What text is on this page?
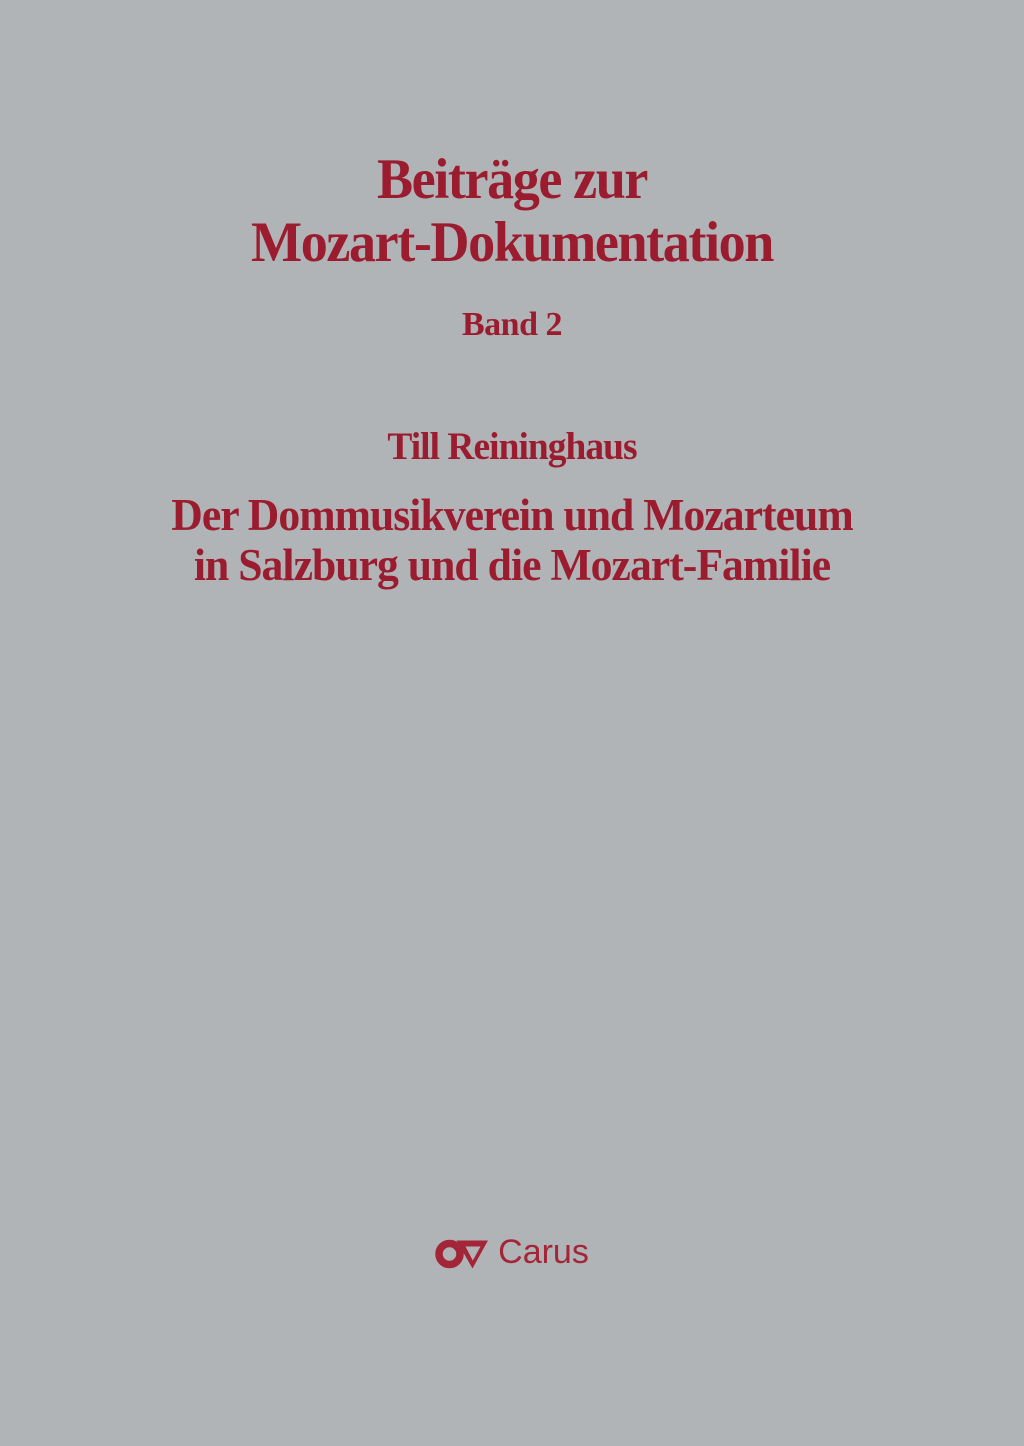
Beiträge zur
Mozart-Dokumentation
Band 2
Till Reininghaus
Der Dommusikverein und Mozarteum
in Salzburg und die Mozart-Familie
Carus
